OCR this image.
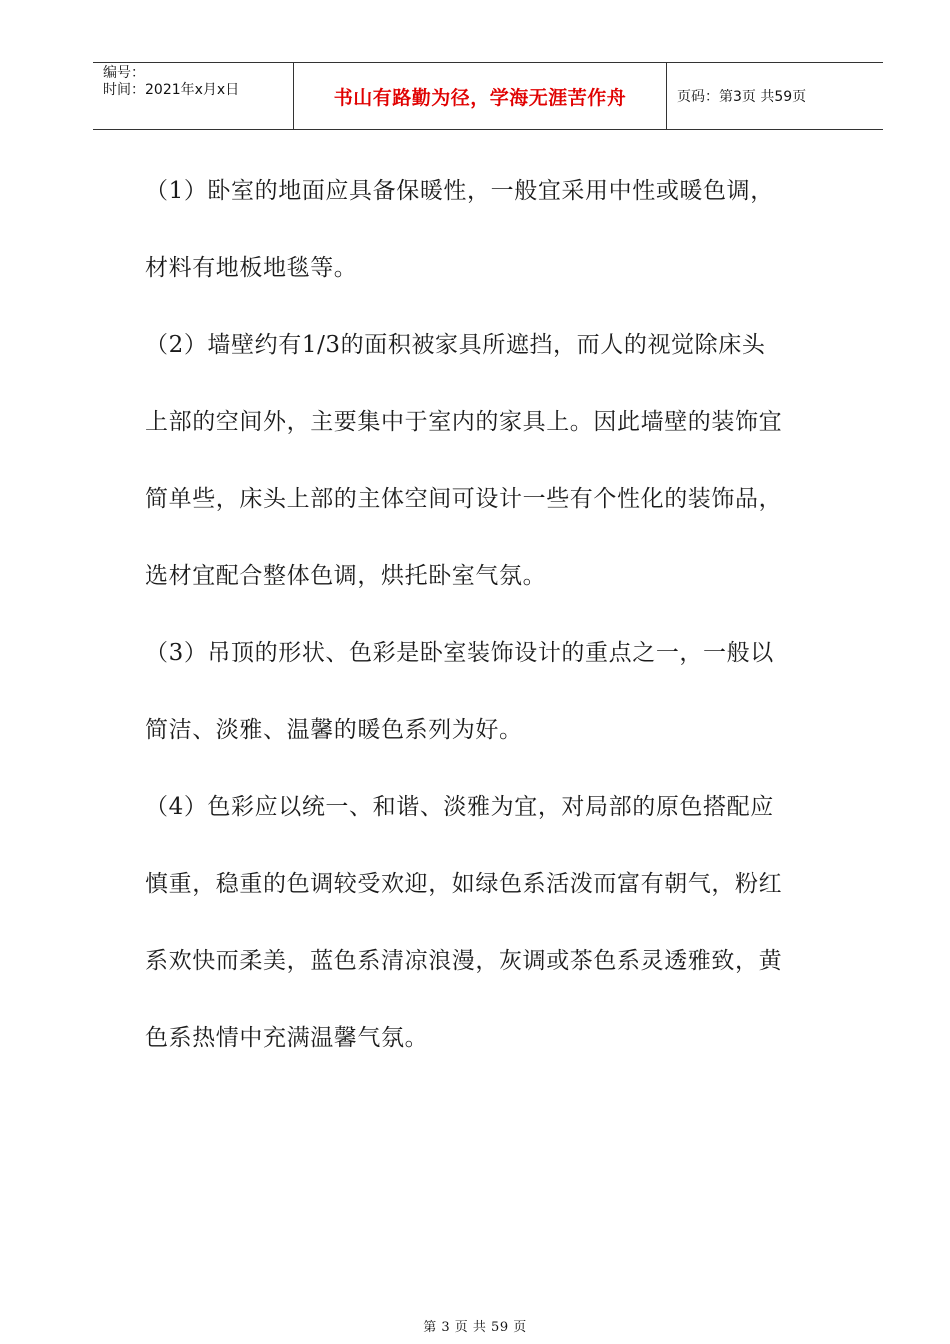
编号：
时间：2021年x月x日	书山有路勤为径，学海无涯苦作舟	页码：第3页 共59页
（1）卧室的地面应具备保暖性，一般宜采用中性或暖色调，
材料有地板地毯等。
（2）墙壁约有1/3的面积被家具所遮挡，而人的视觉除床头
上部的空间外，主要集中于室内的家具上。因此墙壁的装饰宜
简单些，床头上部的主体空间可设计一些有个性化的装饰品，
选材宜配合整体色调，烘托卧室气氛。
（3）吊顶的形状、色彩是卧室装饰设计的重点之一，一般以
简洁、淡雅、温馨的暖色系列为好。
（4）色彩应以统一、和谐、淡雅为宜，对局部的原色搭配应
慎重，稳重的色调较受欢迎，如绿色系活泼而富有朝气，粉红
系欢快而柔美，蓝色系清凉浪漫，灰调或茶色系灵透雅致，黄
色系热情中充满温馨气氛。
第 3 页 共 59 页
